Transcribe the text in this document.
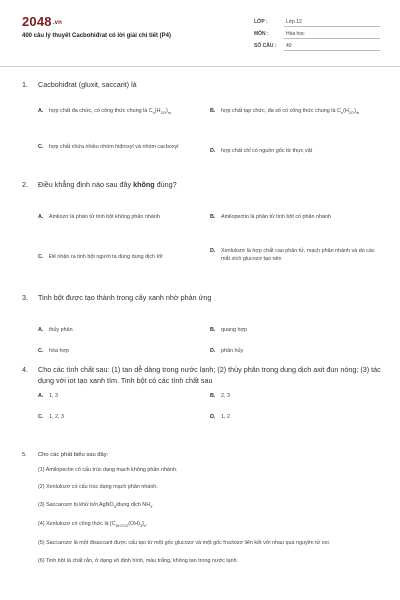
2048.vn
400 câu lý thuyết Cacbohiđrat có lời giải chi tiết (P4)
LỚP :	Lớp 12
MÔN :	Hóa học
SỐ CÂU :	40
1.	Cacbohiđrat (gluxit, saccarit) là
A.	hợp chất đa chức, có công thức chung là $C_n(H_{2O})_m$	B.	hợp chất tạp chức, đa số có công thức chung là $C_n(H_{2O})_m$
C.	hợp chất chứa nhiều nhóm hiđroxyl và nhóm cacboxyl
D.	hợp chất chỉ có nguồn gốc từ thực vật
2.	Điều khẳng định nào sau đây không đúng?
A.	Amilozơ là phân tử tinh bột không phân nhánh	B.	Amilopectin là phân tử tinh bột có phân nhánh
C.	Để nhận ra tinh bột người ta dùng dung dịch Iốt
D.	Xenlulozơ là hợp chất cao phân tử, mạch phân nhánh và do các mắt xích glucozơ tạo nên
3.	Tinh bột được tạo thành trong cây xanh nhờ phản ứng
A.	thủy phân	B.	quang hợp
C.	hóa hợp	D.	phân hủy
4.	Cho các tính chất sau: (1) tan dễ dàng trong nước lạnh; (2) thủy phân trong dung dịch axit đun nóng; (3) tác dụng với iot tạo xanh tím. Tinh bột có các tính chất sau
A.	1, 3	B.	2, 3
C.	1, 2, 3	D.	1, 2
5.	Cho các phát biểu sau đây:
(1) Amilopectin có cấu trúc dạng mạch không phân nhánh.
(2) Xenlulozơ có cấu trúc dạng mạch phân nhánh.
(3) Saccarozơ bị khử bởi AgNO$_3$/dung dịch $NH_3$.
(4) Xenlulozơ có công thức là $[C_{6H7O2}(OH)_3]_n$.
(5) Saccarozơ là một đisaccarit được cấu tạo từ một gốc glucozơ và một gốc fructozơ liên kết với nhau qua nguyên tử oxi.
(6) Tinh bột là chất rắn, ở dạng vô định hình, màu trắng, không tan trong nước lạnh.
